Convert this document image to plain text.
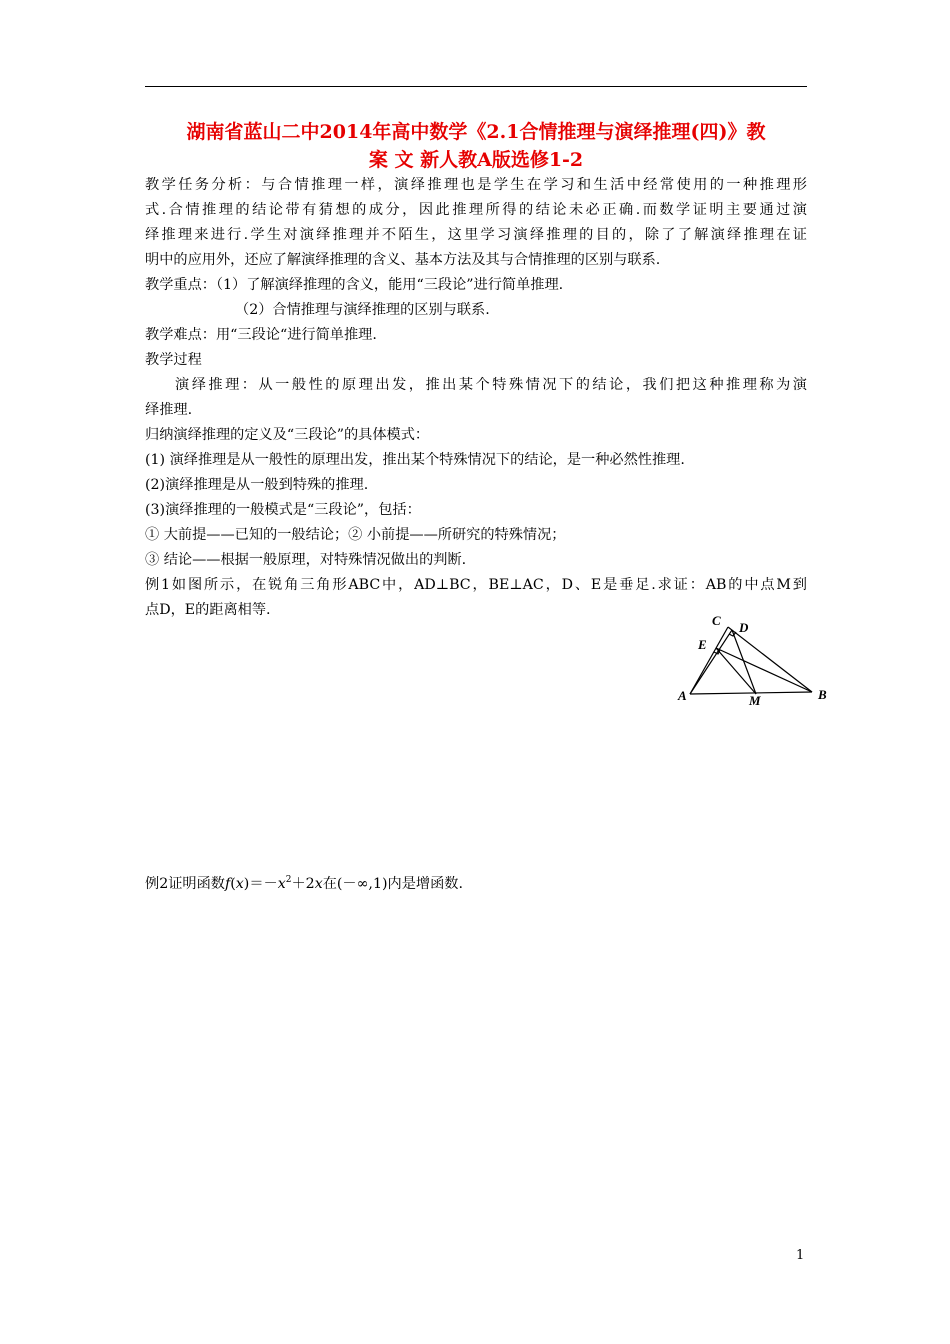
湖南省蓝山二中2014年高中数学《2.1合情推理与演绎推理(四)》教
案 文 新人教A版选修1-2
教学任务分析：与合情推理一样，演绎推理也是学生在学习和生活中经常使用的一种推理形
式.合情推理的结论带有猜想的成分，因此推理所得的结论未必正确.而数学证明主要通过演
绎推理来进行.学生对演绎推理并不陌生，这里学习演绎推理的目的，除了了解演绎推理在证
明中的应用外，还应了解演绎推理的含义、基本方法及其与合情推理的区别与联系.
教学重点：（1）了解演绎推理的含义，能用“三段论”进行简单推理.
（2）合情推理与演绎推理的区别与联系.
教学难点：用“三段论“进行简单推理.
教学过程
演绎推理：从一般性的原理出发，推出某个特殊情况下的结论，我们把这种推理称为演
绎推理.
归纳演绎推理的定义及“三段论”的具体模式：
(1) 演绎推理是从一般性的原理出发，推出某个特殊情况下的结论，是一种必然性推理.
(2)演绎推理是从一般到特殊的推理.
(3)演绎推理的一般模式是“三段论”，包括：
① 大前提——已知的一般结论；② 小前提——所研究的特殊情况；
③ 结论——根据一般原理，对特殊情况做出的判断.
例1如图所示，在锐角三角形ABC中，AD⊥BC，BE⊥AC，D、E是垂足.求证：AB的中点M到
点D，E的距离相等.
C D
E
A	M	B
例2证明函数$f(x)=-x^2+2x$在(－∞,1)内是增函数.
1
